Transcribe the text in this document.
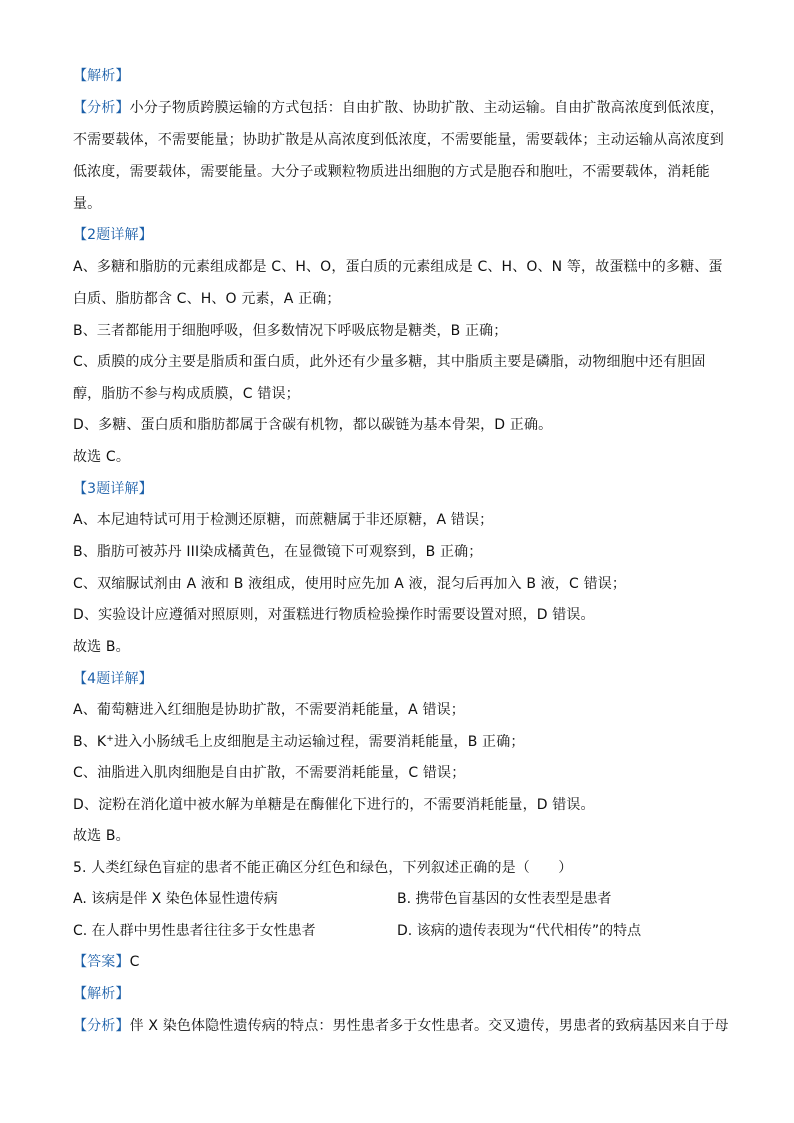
【解析】
【分析】小分子物质跨膜运输的方式包括：自由扩散、协助扩散、主动运输。自由扩散高浓度到低浓度，
不需要载体，不需要能量；协助扩散是从高浓度到低浓度，不需要能量，需要载体；主动运输从高浓度到
低浓度，需要载体，需要能量。大分子或颗粒物质进出细胞的方式是胞吞和胞吐，不需要载体，消耗能
量。
【2题详解】
A、多糖和脂肪的元素组成都是 C、H、O，蛋白质的元素组成是 C、H、O、N 等，故蛋糕中的多糖、蛋
白质、脂肪都含 C、H、O 元素，A 正确；
B、三者都能用于细胞呼吸，但多数情况下呼吸底物是糖类，B 正确；
C、质膜的成分主要是脂质和蛋白质，此外还有少量多糖，其中脂质主要是磷脂，动物细胞中还有胆固
醇，脂肪不参与构成质膜，C 错误；
D、多糖、蛋白质和脂肪都属于含碳有机物，都以碳链为基本骨架，D 正确。
故选 C。
【3题详解】
A、本尼迪特试可用于检测还原糖，而蔗糖属于非还原糖，A 错误；
B、脂肪可被苏丹 III染成橘黄色，在显微镜下可观察到，B 正确；
C、双缩脲试剂由 A 液和 B 液组成，使用时应先加 A 液，混匀后再加入 B 液，C 错误；
D、实验设计应遵循对照原则，对蛋糕进行物质检验操作时需要设置对照，D 错误。
故选 B。
【4题详解】
A、葡萄糖进入红细胞是协助扩散，不需要消耗能量，A 错误；
B、K+进入小肠绒毛上皮细胞是主动运输过程，需要消耗能量，B 正确；
C、油脂进入肌肉细胞是自由扩散，不需要消耗能量，C 错误；
D、淀粉在消化道中被水解为单糖是在酶催化下进行的，不需要消耗能量，D 错误。
故选 B。
5. 人类红绿色盲症的患者不能正确区分红色和绿色，下列叙述正确的是（　　）
A. 该病是伴 X 染色体显性遗传病	B. 携带色盲基因的女性表型是患者
C. 在人群中男性患者往往多于女性患者	D. 该病的遗传表现为“代代相传”的特点
【答案】C
【解析】
【分析】伴 X 染色体隐性遗传病的特点：男性患者多于女性患者。交叉遗传，男患者的致病基因来自于母
